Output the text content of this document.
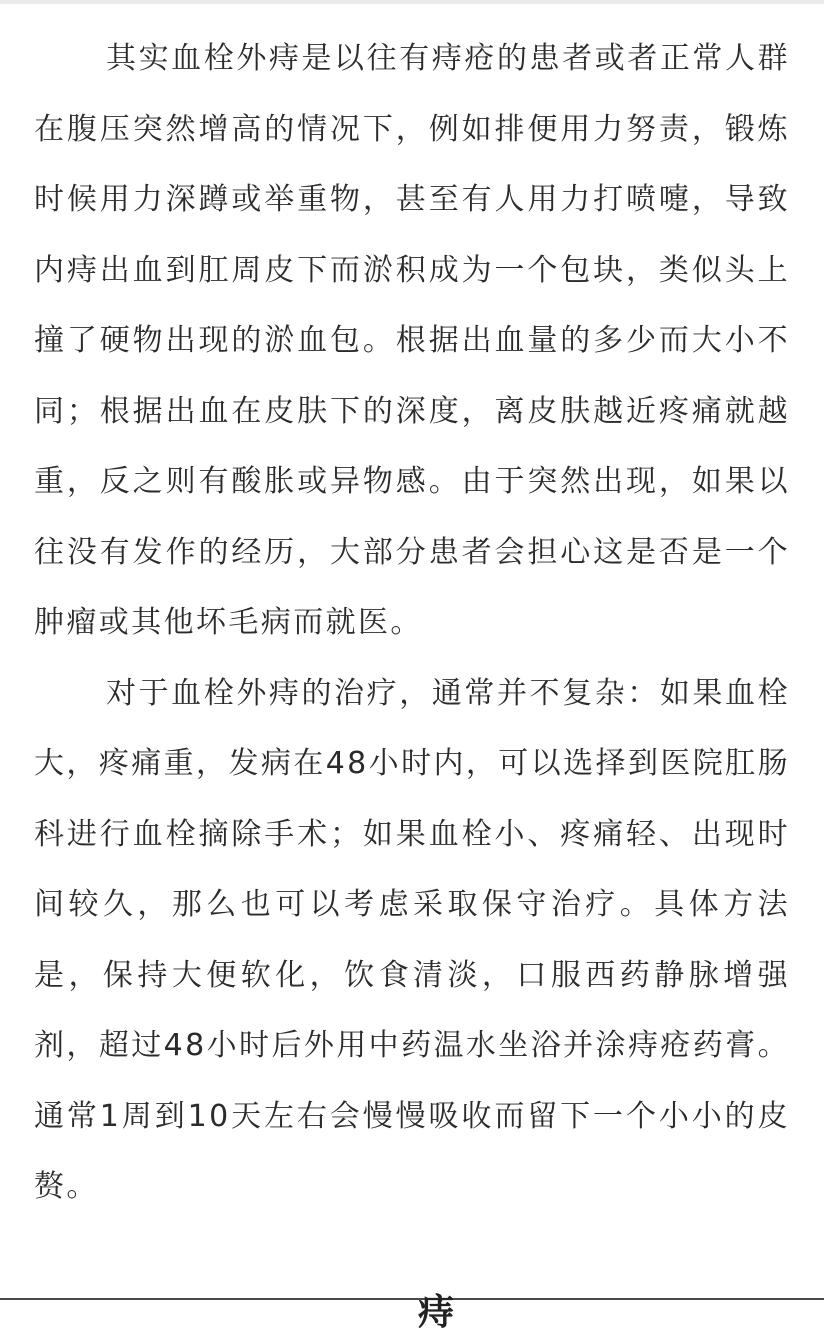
其实血栓外痔是以往有痔疮的患者或者正常人群在腹压突然增高的情况下，例如排便用力努责，锻炼时候用力深蹲或举重物，甚至有人用力打喷嚏，导致内痔出血到肛周皮下而淤积成为一个包块，类似头上撞了硬物出现的淤血包。根据出血量的多少而大小不同；根据出血在皮肤下的深度，离皮肤越近疼痛就越重，反之则有酸胀或异物感。由于突然出现，如果以往没有发作的经历，大部分患者会担心这是否是一个肿瘤或其他坏毛病而就医。

对于血栓外痔的治疗，通常并不复杂：如果血栓大，疼痛重，发病在48小时内，可以选择到医院肛肠科进行血栓摘除手术；如果血栓小、疼痛轻、出现时间较久，那么也可以考虑采取保守治疗。具体方法是，保持大便软化，饮食清淡，口服西药静脉增强剂，超过48小时后外用中药温水坐浴并涂痔疮药膏。通常1周到10天左右会慢慢吸收而留下一个小小的皮赘。

痔
